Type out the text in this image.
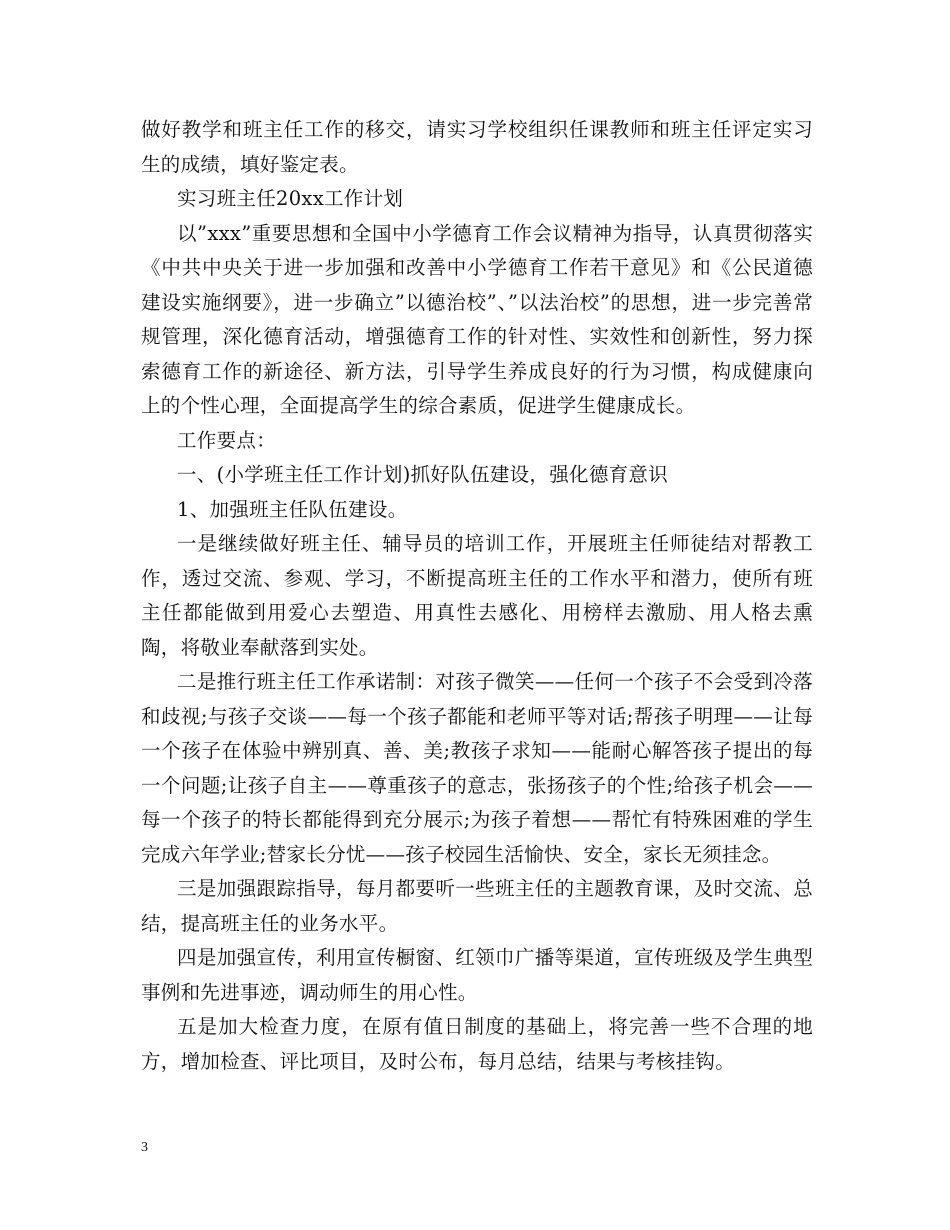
做好教学和班主任工作的移交，请实习学校组织任课教师和班主任评定实习生的成绩，填好鉴定表。

实习班主任20xx工作计划

以”xxx”重要思想和全国中小学德育工作会议精神为指导，认真贯彻落实《中共中央关于进一步加强和改善中小学德育工作若干意见》和《公民道德建设实施纲要》，进一步确立”以德治校”、”以法治校”的思想，进一步完善常规管理，深化德育活动，增强德育工作的针对性、实效性和创新性，努力探索德育工作的新途径、新方法，引导学生养成良好的行为习惯，构成健康向上的个性心理，全面提高学生的综合素质，促进学生健康成长。

工作要点：

一、(小学班主任工作计划)抓好队伍建设，强化德育意识

1、加强班主任队伍建设。

一是继续做好班主任、辅导员的培训工作，开展班主任师徒结对帮教工作，透过交流、参观、学习，不断提高班主任的工作水平和潜力，使所有班主任都能做到用爱心去塑造、用真性去感化、用榜样去激励、用人格去熏陶，将敬业奉献落到实处。

二是推行班主任工作承诺制：对孩子微笑——任何一个孩子不会受到冷落和歧视;与孩子交谈——每一个孩子都能和老师平等对话;帮孩子明理——让每一个孩子在体验中辨别真、善、美;教孩子求知——能耐心解答孩子提出的每一个问题;让孩子自主——尊重孩子的意志，张扬孩子的个性;给孩子机会——每一个孩子的特长都能得到充分展示;为孩子着想——帮忙有特殊困难的学生完成六年学业;替家长分忧——孩子校园生活愉快、安全，家长无须挂念。

三是加强跟踪指导，每月都要听一些班主任的主题教育课，及时交流、总结，提高班主任的业务水平。

四是加强宣传，利用宣传橱窗、红领巾广播等渠道，宣传班级及学生典型事例和先进事迹，调动师生的用心性。

五是加大检查力度，在原有值日制度的基础上，将完善一些不合理的地方，增加检查、评比项目，及时公布，每月总结，结果与考核挂钩。

3
